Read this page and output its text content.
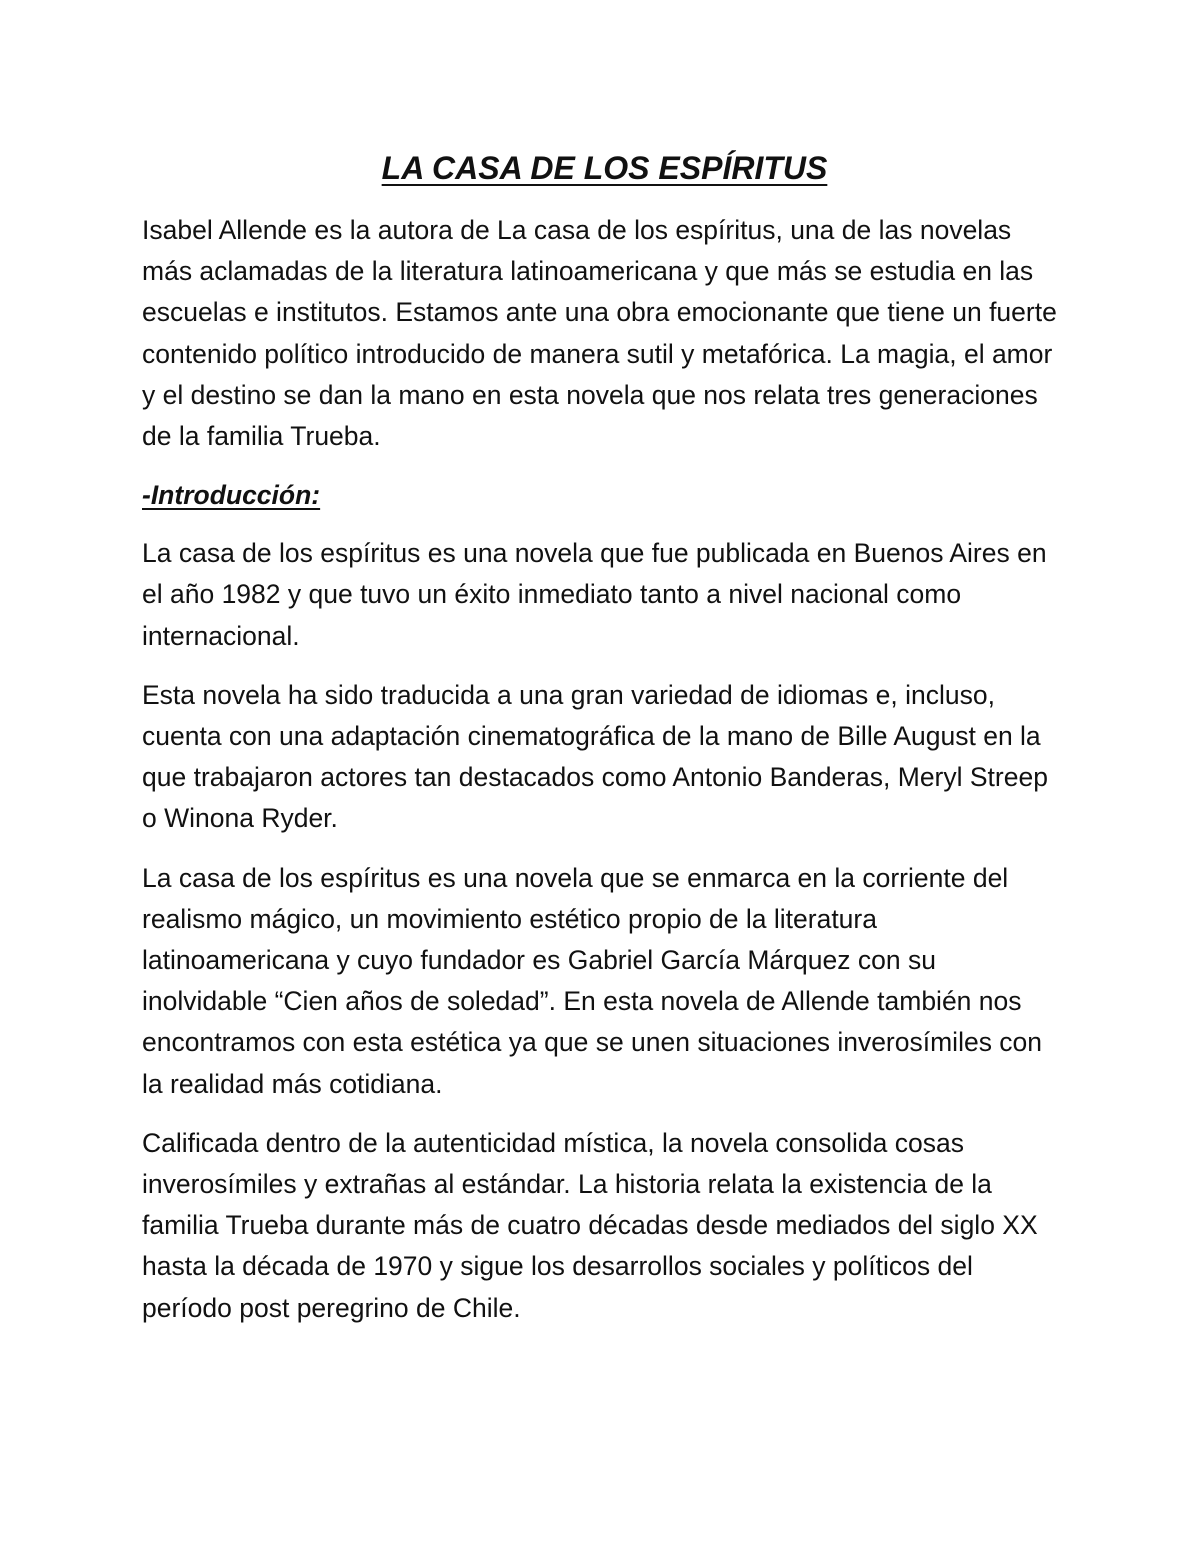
LA CASA DE LOS ESPÍRITUS

Isabel Allende es la autora de La casa de los espíritus, una de las novelas más aclamadas de la literatura latinoamericana y que más se estudia en las escuelas e institutos. Estamos ante una obra emocionante que tiene un fuerte contenido político introducido de manera sutil y metafórica. La magia, el amor y el destino se dan la mano en esta novela que nos relata tres generaciones de la familia Trueba.

-Introducción:

La casa de los espíritus es una novela que fue publicada en Buenos Aires en el año 1982 y que tuvo un éxito inmediato tanto a nivel nacional como internacional.

Esta novela ha sido traducida a una gran variedad de idiomas e, incluso, cuenta con una adaptación cinematográfica de la mano de Bille August en la que trabajaron actores tan destacados como Antonio Banderas, Meryl Streep o Winona Ryder.

La casa de los espíritus es una novela que se enmarca en la corriente del realismo mágico, un movimiento estético propio de la literatura latinoamericana y cuyo fundador es Gabriel García Márquez con su inolvidable “Cien años de soledad”. En esta novela de Allende también nos encontramos con esta estética ya que se unen situaciones inverosímiles con la realidad más cotidiana.

Calificada dentro de la autenticidad mística, la novela consolida cosas inverosímiles y extrañas al estándar. La historia relata la existencia de la familia Trueba durante más de cuatro décadas desde mediados del siglo XX hasta la década de 1970 y sigue los desarrollos sociales y políticos del período post peregrino de Chile.
